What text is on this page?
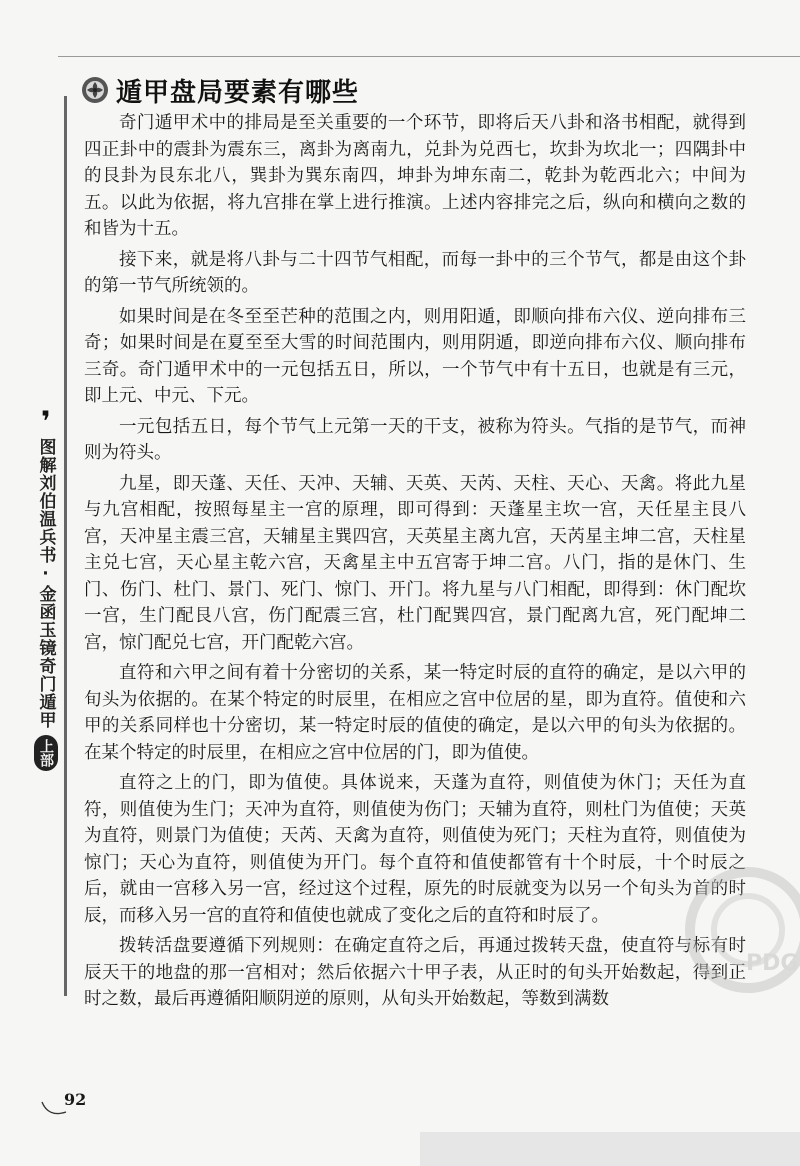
遁甲盘局要素有哪些

奇门遁甲术中的排局是至关重要的一个环节，即将后天八卦和洛书相配，就得到四正卦中的震卦为震东三，离卦为离南九，兑卦为兑西七，坎卦为坎北一；四隅卦中的艮卦为艮东北八，巽卦为巽东南四，坤卦为坤东南二，乾卦为乾西北六；中间为五。以此为依据，将九宫排在掌上进行推演。上述内容排完之后，纵向和横向之数的和皆为十五。

接下来，就是将八卦与二十四节气相配，而每一卦中的三个节气，都是由这个卦的第一节气所统领的。

如果时间是在冬至至芒种的范围之内，则用阳遁，即顺向排布六仪、逆向排布三奇；如果时间是在夏至至大雪的时间范围内，则用阴遁，即逆向排布六仪、顺向排布三奇。奇门遁甲术中的一元包括五日，所以，一个节气中有十五日，也就是有三元，即上元、中元、下元。

一元包括五日，每个节气上元第一天的干支，被称为符头。气指的是节气，而神则为符头。

九星，即天蓬、天任、天冲、天辅、天英、天芮、天柱、天心、天禽。将此九星与九宫相配，按照每星主一宫的原理，即可得到：天蓬星主坎一宫，天任星主艮八宫，天冲星主震三宫，天辅星主巽四宫，天英星主离九宫，天芮星主坤二宫，天柱星主兑七宫，天心星主乾六宫，天禽星主中五宫寄于坤二宫。八门，指的是休门、生门、伤门、杜门、景门、死门、惊门、开门。将九星与八门相配，即得到：休门配坎一宫，生门配艮八宫，伤门配震三宫，杜门配巽四宫，景门配离九宫，死门配坤二宫，惊门配兑七宫，开门配乾六宫。

直符和六甲之间有着十分密切的关系，某一特定时辰的直符的确定，是以六甲的旬头为依据的。在某个特定的时辰里，在相应之宫中位居的星，即为直符。值使和六甲的关系同样也十分密切，某一特定时辰的值使的确定，是以六甲的旬头为依据的。在某个特定的时辰里，在相应之宫中位居的门，即为值使。

直符之上的门，即为值使。具体说来，天蓬为直符，则值使为休门；天任为直符，则值使为生门；天冲为直符，则值使为伤门；天辅为直符，则杜门为值使；天英为直符，则景门为值使；天芮、天禽为直符，则值使为死门；天柱为直符，则值使为惊门；天心为直符，则值使为开门。每个直符和值使都管有十个时辰，十个时辰之后，就由一宫移入另一宫，经过这个过程，原先的时辰就变为以另一个旬头为首的时辰，而移入另一宫的直符和值使也就成了变化之后的直符和时辰了。

拨转活盘要遵循下列规则：在确定直符之后，再通过拨转天盘，使直符与标有时辰天干的地盘的那一宫相对；然后依据六十甲子表，从正时的旬头开始数起，得到正时之数，最后再遵循阳顺阴逆的原则，从旬头开始数起，等数到满数

❜
图解刘伯温兵书·金函玉镜奇门遁甲
上部
92
PDG
